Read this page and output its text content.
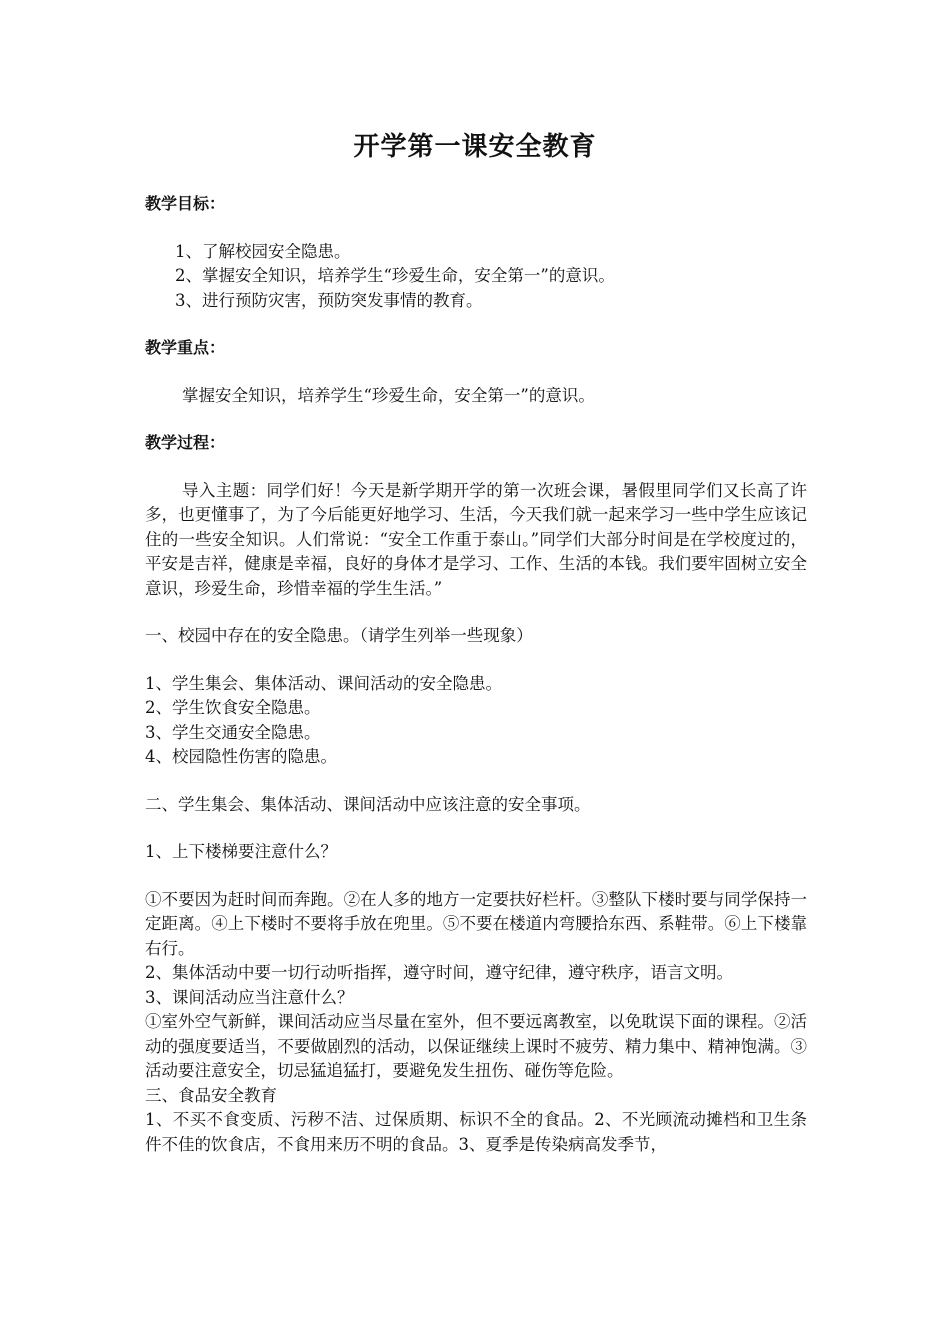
开学第一课安全教育

教学目标：

1、了解校园安全隐患。

2、掌握安全知识，培养学生“珍爱生命，安全第一”的意识。

3、进行预防灾害，预防突发事情的教育。

教学重点：

掌握安全知识，培养学生“珍爱生命，安全第一”的意识。

教学过程：

导入主题：同学们好！今天是新学期开学的第一次班会课，暑假里同学们又长高了许多，也更懂事了，为了今后能更好地学习、生活，今天我们就一起来学习一些中学生应该记住的一些安全知识。人们常说：“安全工作重于泰山。”同学们大部分时间是在学校度过的，平安是吉祥，健康是幸福，良好的身体才是学习、工作、生活的本钱。我们要牢固树立安全意识，珍爱生命，珍惜幸福的学生生活。”

一、校园中存在的安全隐患。（请学生列举一些现象）

1、学生集会、集体活动、课间活动的安全隐患。

2、学生饮食安全隐患。

3、学生交通安全隐患。

4、校园隐性伤害的隐患。

二、学生集会、集体活动、课间活动中应该注意的安全事项。

1、上下楼梯要注意什么？

①不要因为赶时间而奔跑。②在人多的地方一定要扶好栏杆。③整队下楼时要与同学保持一定距离。④上下楼时不要将手放在兜里。⑤不要在楼道内弯腰拾东西、系鞋带。⑥上下楼靠右行。

2、集体活动中要一切行动听指挥，遵守时间，遵守纪律，遵守秩序，语言文明。

3、课间活动应当注意什么？

①室外空气新鲜，课间活动应当尽量在室外，但不要远离教室，以免耽误下面的课程。②活动的强度要适当，不要做剧烈的活动，以保证继续上课时不疲劳、精力集中、精神饱满。③活动要注意安全，切忌猛追猛打，要避免发生扭伤、碰伤等危险。

三、食品安全教育

1、不买不食变质、污秽不洁、过保质期、标识不全的食品。2、不光顾流动摊档和卫生条件不佳的饮食店，不食用来历不明的食品。3、夏季是传染病高发季节，
